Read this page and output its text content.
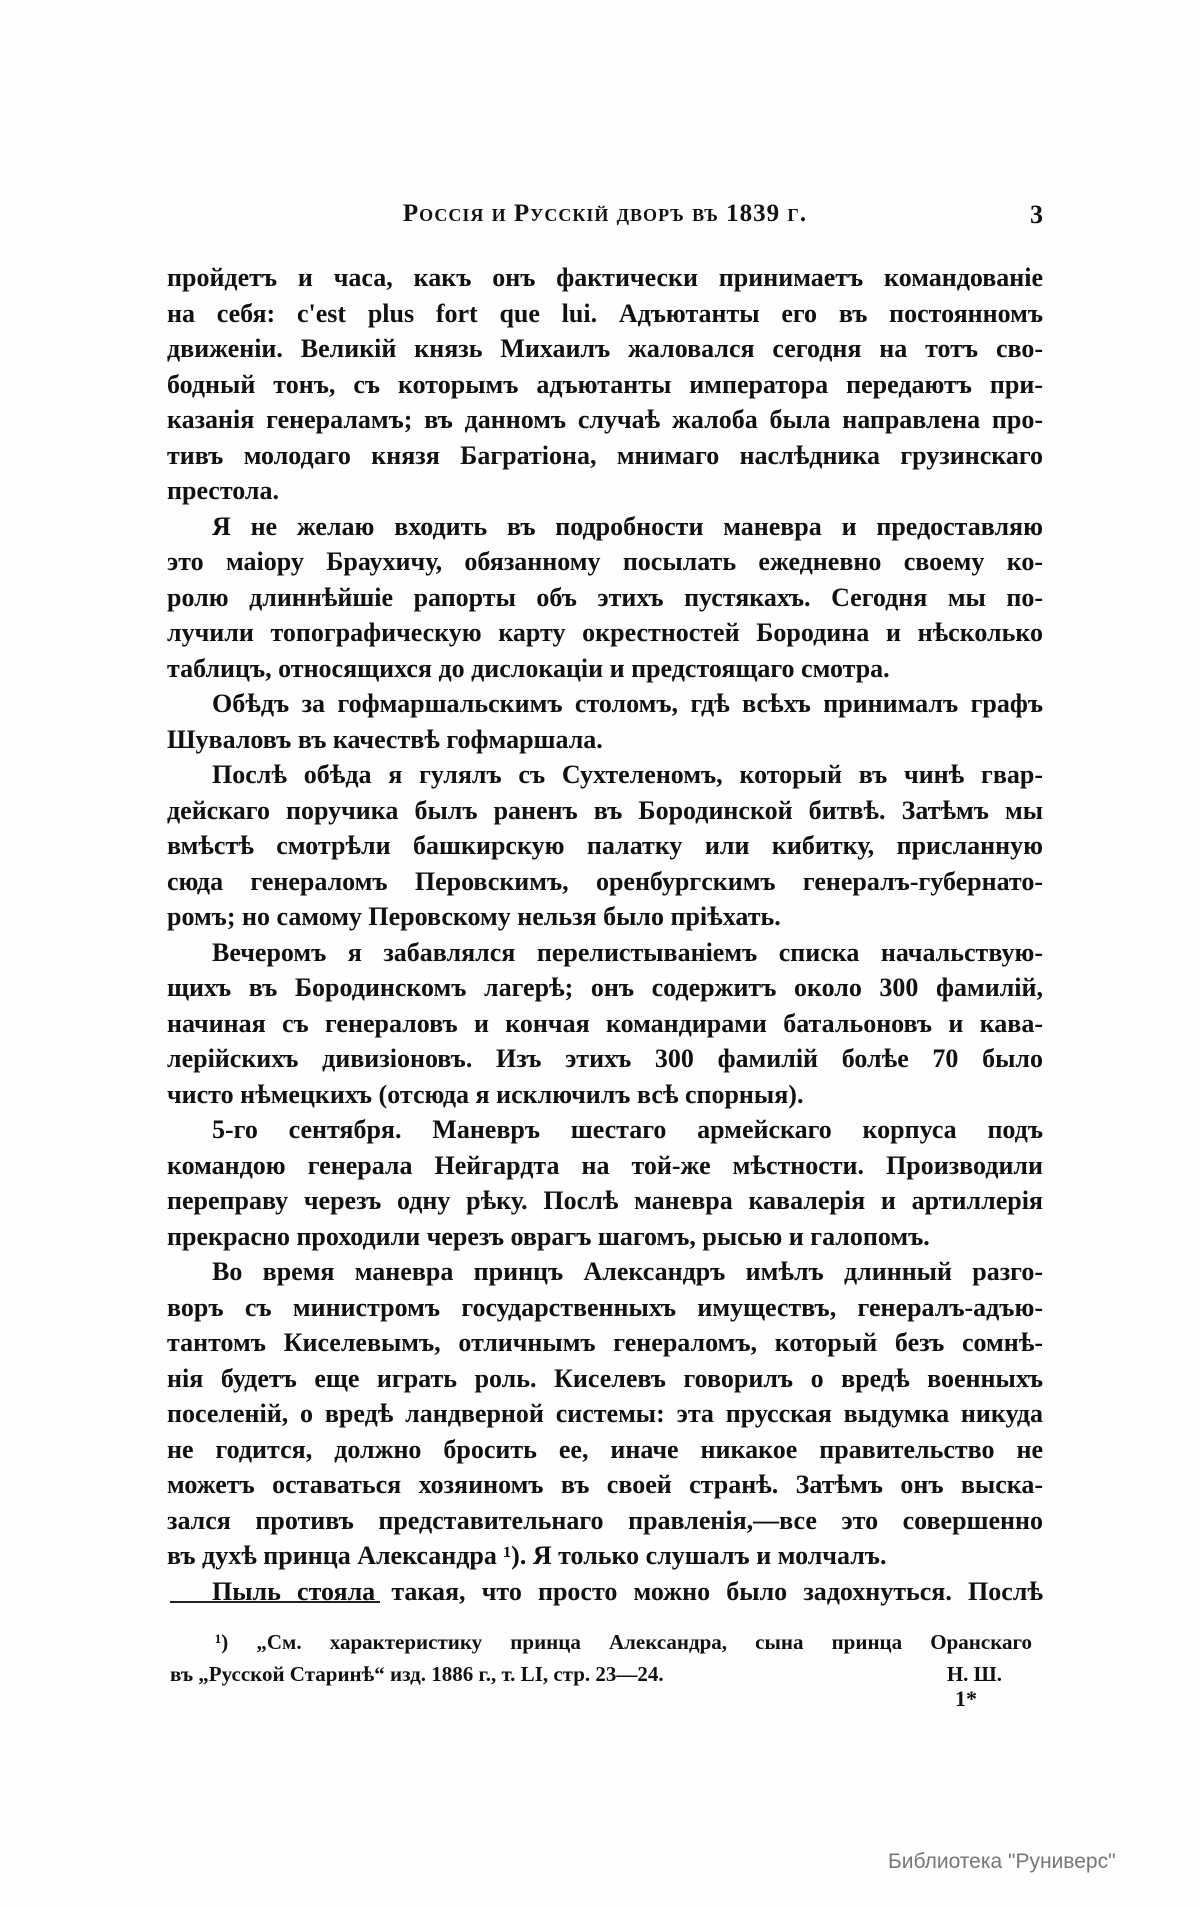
Россія и Русскій дворъ въ 1839 г.	3
пройдетъ и часа, какъ онъ фактически принимаетъ командованіе
на себя: c'est plus fort que lui. Адъютанты его въ постоянномъ
движеніи. Великій князь Михаилъ жаловался сегодня на тотъ сво-
бодный тонъ, съ которымъ адъютанты императора передаютъ при-
казанія генераламъ; въ данномъ случаѣ жалоба была направлена про-
тивъ молодаго князя Багратіона, мнимаго наслѣдника грузинскаго
престола.
Я не желаю входить въ подробности маневра и предоставляю
это маіору Браухичу, обязанному посылать ежедневно своему ко-
ролю длиннѣйшіе рапорты объ этихъ пустякахъ. Сегодня мы по-
лучили топографическую карту окрестностей Бородина и нѣсколько
таблицъ, относящихся до дислокаціи и предстоящаго смотра.
Обѣдъ за гофмаршальскимъ столомъ, гдѣ всѣхъ принималъ графъ
Шуваловъ въ качествѣ гофмаршала.
Послѣ обѣда я гулялъ съ Сухтеленомъ, который въ чинѣ гвар-
дейскаго поручика былъ раненъ въ Бородинской битвѣ. Затѣмъ мы
вмѣстѣ смотрѣли башкирскую палатку или кибитку, присланную
сюда генераломъ Перовскимъ, оренбургскимъ генералъ-губернато-
ромъ; но самому Перовскому нельзя было пріѣхать.
Вечеромъ я забавлялся перелистываніемъ списка начальствую-
щихъ въ Бородинскомъ лагерѣ; онъ содержитъ около 300 фамилій,
начиная съ генераловъ и кончая командирами батальоновъ и кава-
лерійскихъ дивизіоновъ. Изъ этихъ 300 фамилій болѣе 70 было
чисто нѣмецкихъ (отсюда я исключилъ всѣ спорныя).
5-го сентября. Маневръ шестаго армейскаго корпуса подъ
командою генерала Нейгардта на той-же мѣстности. Производили
переправу черезъ одну рѣку. Послѣ маневра кавалерія и артиллерія
прекрасно проходили черезъ оврагъ шагомъ, рысью и галопомъ.
Во время маневра принцъ Александръ имѣлъ длинный разго-
воръ съ министромъ государственныхъ имуществъ, генералъ-адъю-
тантомъ Киселевымъ, отличнымъ генераломъ, который безъ сомнѣ-
нія будетъ еще играть роль. Киселевъ говорилъ о вредѣ военныхъ
поселеній, о вредѣ ландверной системы: эта прусская выдумка никуда
не годится, должно бросить ее, иначе никакое правительство не
можетъ оставаться хозяиномъ въ своей странѣ. Затѣмъ онъ выска-
зался противъ представительнаго правленія,—все это совершенно
въ духѣ принца Александра ¹). Я только слушалъ и молчалъ.
Пыль стояла такая, что просто можно было задохнуться. Послѣ
¹) „См. характеристику принца Александра, сына принца Оранскаго
въ „Русской Старинѣ“ изд. 1886 г., т. LI, стр. 23—24.	Н. Ш.
1*
Библиотека "Руниверс"
